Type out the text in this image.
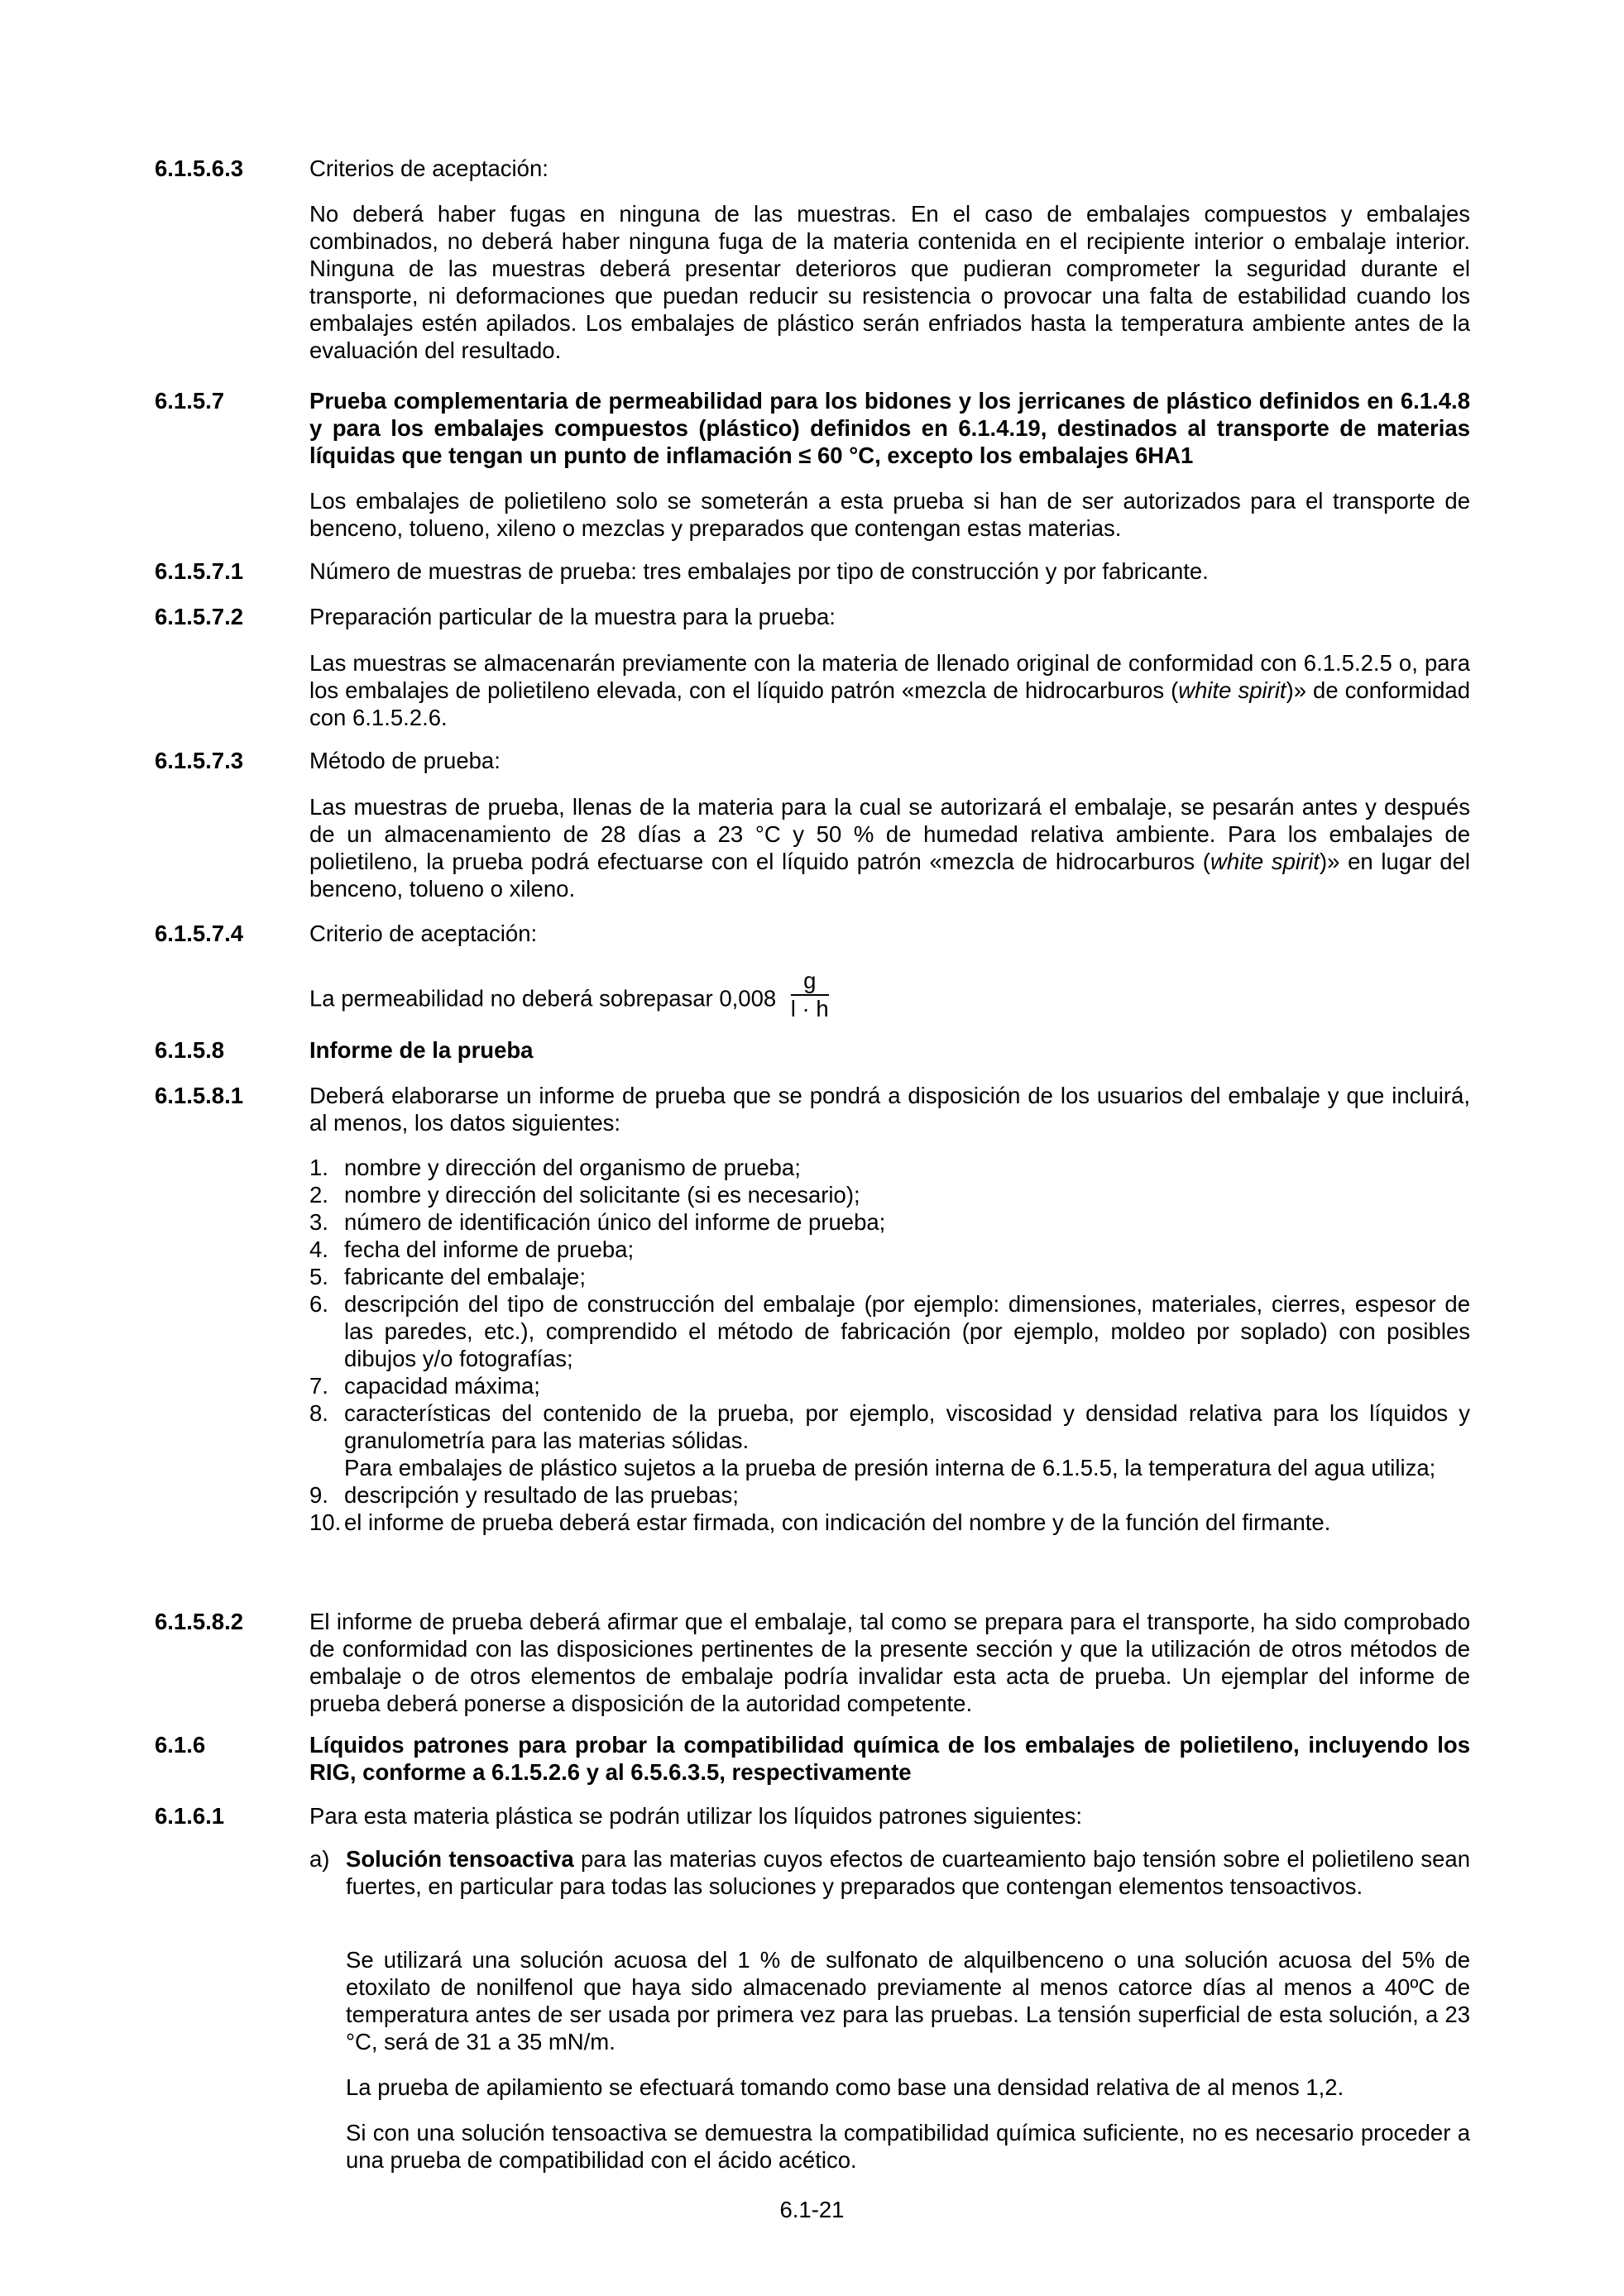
6.1.5.6.3	Criterios de aceptación:
No deberá haber fugas en ninguna de las muestras. En el caso de embalajes compuestos y embalajes combinados, no deberá haber ninguna fuga de la materia contenida en el recipiente interior o embalaje interior. Ninguna de las muestras deberá presentar deterioros que pudieran comprometer la seguridad durante el transporte, ni deformaciones que puedan reducir su resistencia o provocar una falta de estabilidad cuando los embalajes estén apilados. Los embalajes de plástico serán enfriados hasta la temperatura ambiente antes de la evaluación del resultado.
6.1.5.7	Prueba complementaria de permeabilidad para los bidones y los jerricanes de plástico definidos en 6.1.4.8 y para los embalajes compuestos (plástico) definidos en 6.1.4.19, destinados al transporte de materias líquidas que tengan un punto de inflamación ≤ 60 °C, excepto los embalajes 6HA1
Los embalajes de polietileno solo se someterán a esta prueba si han de ser autorizados para el transporte de benceno, tolueno, xileno o mezclas y preparados que contengan estas materias.
6.1.5.7.1	Número de muestras de prueba: tres embalajes por tipo de construcción y por fabricante.
6.1.5.7.2	Preparación particular de la muestra para la prueba:
Las muestras se almacenarán previamente con la materia de llenado original de conformidad con 6.1.5.2.5 o, para los embalajes de polietileno elevada, con el líquido patrón «mezcla de hidrocarburos (white spirit)» de conformidad con 6.1.5.2.6.
6.1.5.7.3	Método de prueba:
Las muestras de prueba, llenas de la materia para la cual se autorizará el embalaje, se pesarán antes y después de un almacenamiento de 28 días a 23 °C y 50 % de humedad relativa ambiente. Para los embalajes de polietileno, la prueba podrá efectuarse con el líquido patrón «mezcla de hidrocarburos (white spirit)» en lugar del benceno, tolueno o xileno.
6.1.5.7.4	Criterio de aceptación:
La permeabilidad no deberá sobrepasar $0,008 \frac{g}{l \cdot h}$
6.1.5.8	Informe de la prueba
6.1.5.8.1	Deberá elaborarse un informe de prueba que se pondrá a disposición de los usuarios del embalaje y que incluirá, al menos, los datos siguientes:
1. nombre y dirección del organismo de prueba;
2. nombre y dirección del solicitante (si es necesario);
3. número de identificación único del informe de prueba;
4. fecha del informe de prueba;
5. fabricante del embalaje;
6. descripción del tipo de construcción del embalaje (por ejemplo: dimensiones, materiales, cierres, espesor de las paredes, etc.), comprendido el método de fabricación (por ejemplo, moldeo por soplado) con posibles dibujos y/o fotografías;
7. capacidad máxima;
8. características del contenido de la prueba, por ejemplo, viscosidad y densidad relativa para los líquidos y granulometría para las materias sólidas.
Para embalajes de plástico sujetos a la prueba de presión interna de 6.1.5.5, la temperatura del agua utiliza;
9. descripción y resultado de las pruebas;
10. el informe de prueba deberá estar firmada, con indicación del nombre y de la función del firmante.
6.1.5.8.2	El informe de prueba deberá afirmar que el embalaje, tal como se prepara para el transporte, ha sido comprobado de conformidad con las disposiciones pertinentes de la presente sección y que la utilización de otros métodos de embalaje o de otros elementos de embalaje podría invalidar esta acta de prueba. Un ejemplar del informe de prueba deberá ponerse a disposición de la autoridad competente.
6.1.6	Líquidos patrones para probar la compatibilidad química de los embalajes de polietileno, incluyendo los RIG, conforme a 6.1.5.2.6 y al 6.5.6.3.5, respectivamente
6.1.6.1	Para esta materia plástica se podrán utilizar los líquidos patrones siguientes:
a) Solución tensoactiva para las materias cuyos efectos de cuarteamiento bajo tensión sobre el polietileno sean fuertes, en particular para todas las soluciones y preparados que contengan elementos tensoactivos.
Se utilizará una solución acuosa del 1 % de sulfonato de alquilbenceno o una solución acuosa del 5% de etoxilato de nonilfenol que haya sido almacenado previamente al menos catorce días al menos a 40ºC de temperatura antes de ser usada por primera vez para las pruebas. La tensión superficial de esta solución, a 23 °C, será de 31 a 35 mN/m.
La prueba de apilamiento se efectuará tomando como base una densidad relativa de al menos 1,2.
Si con una solución tensoactiva se demuestra la compatibilidad química suficiente, no es necesario proceder a una prueba de compatibilidad con el ácido acético.
6.1-21
